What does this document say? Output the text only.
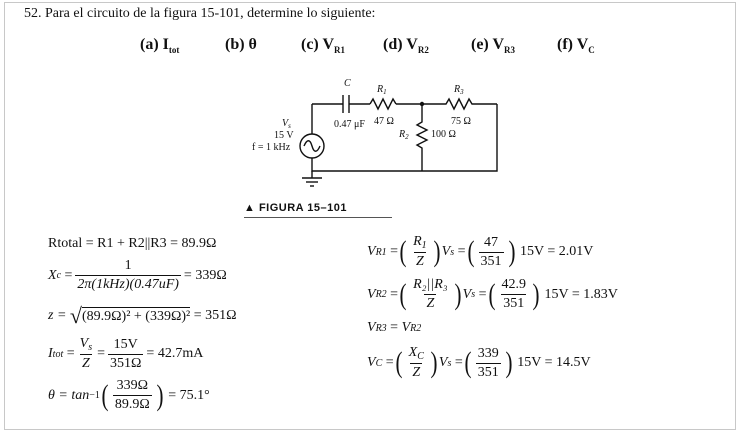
52. Para el circuito de la figura 15-101, determine lo siguiente:
(a) $I_{tot}$	(b) θ	(c) $V_{R1}$ (d) $V_{R2}$	(e) $V_{R3}$	(f) $V_C$
C
0.47 μF
$R_1$
47 Ω
$R_3$
75 Ω
$R_2$ 100 Ω
$V_s$
15 V
f = 1 kHz
▲ FIGURA 15–101
Rtotal = R1 + R2||R3 = 89.9Ω
X $c = \frac{1}{\text{2π(1kHz)(0.47uF)}} = 339\Omega$
z =
√ (89.9Ω)² + (339Ω)²
= 351Ω
I tot = $\frac{V_s}{Z} = \frac{15V}{351\Omega} = 42.7mA$
θ = tan −1 ( $\frac{339\Omega}{89.9\Omega}$ )
= 75.1°
V R1 = ( $\frac{R_1}{Z}$ ) V s = ( $\frac{47}{351}$ )
15V = 2.01V
V R2 = ( $\frac{\text{R₂||R₃}}{Z}$ ) V s = ( $\frac{42.9}{351}$ )
15V = 1.83V
V R3 = V R2
V C = ( $\frac{X_C}{Z}$ ) V s = ( $\frac{339}{351}$ )
15V = 14.5V
